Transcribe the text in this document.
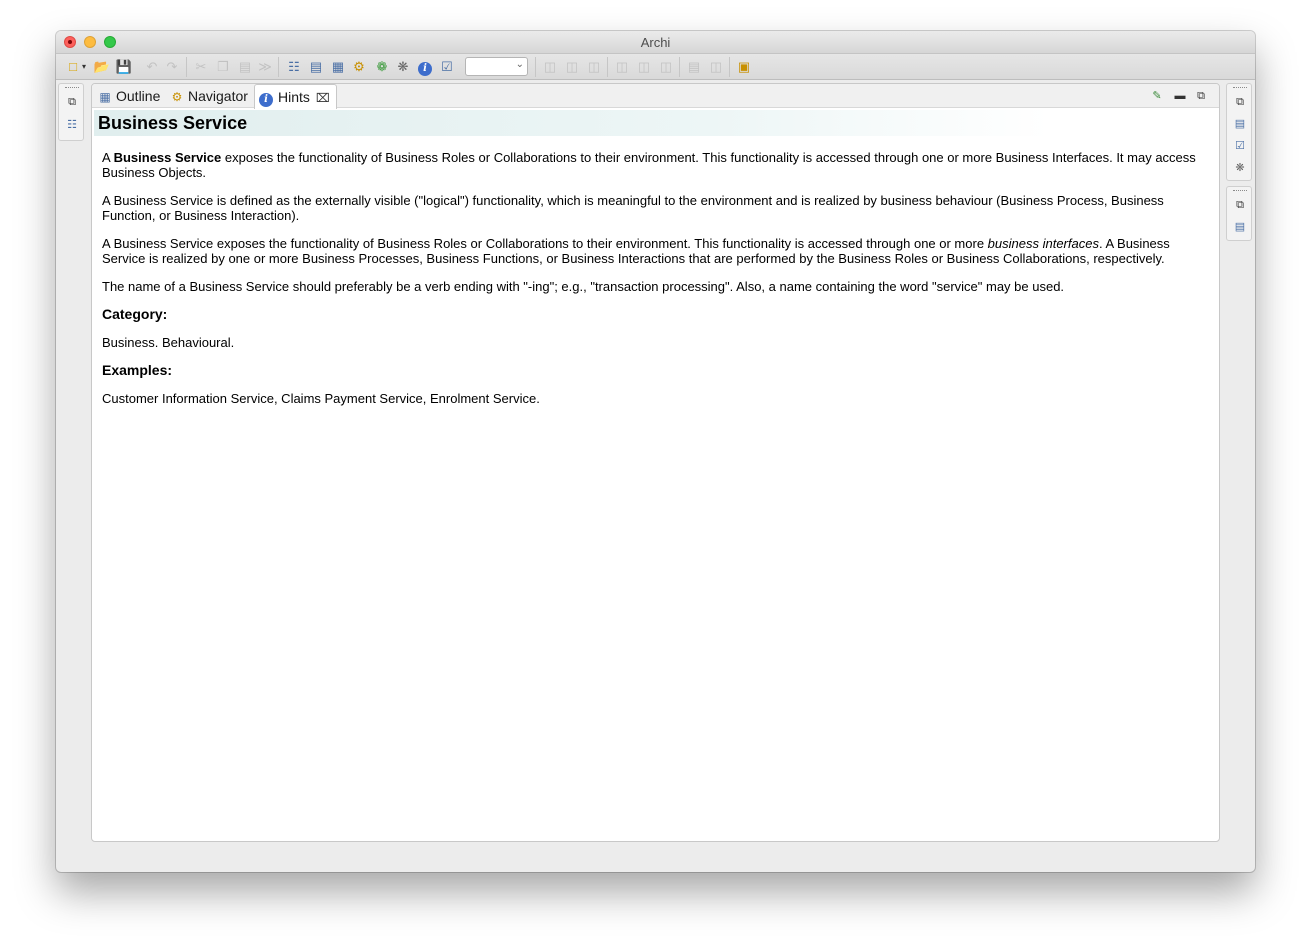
Archi
□ ▾ 📂 💾 ↶ ↷ ✂ ❐ ▤ ≫ ☷ ▤ ▦ ⚙ ❁ ❋	i	☑	⌄ ◫ ◫ ◫ ◫ ◫ ◫ ▤ ◫ ▣
⧉
☷
⧉
▤
☑
❋
⧉
▤
▦ Outline ⚙ Navigator	i Hints ⌧	✎	▬	⧉
Business Service

A Business Service exposes the functionality of Business Roles or Collaborations to their environment. This functionality is accessed through one or more Business Interfaces. It may access Business Objects.

A Business Service is defined as the externally visible ("logical") functionality, which is meaningful to the environment and is realized by business behaviour (Business Process, Business Function, or Business Interaction).

A Business Service exposes the functionality of Business Roles or Collaborations to their environment. This functionality is accessed through one or more business interfaces. A Business Service is realized by one or more Business Processes, Business Functions, or Business Interactions that are performed by the Business Roles or Business Collaborations, respectively.

The name of a Business Service should preferably be a verb ending with "-ing"; e.g., "transaction processing". Also, a name containing the word "service" may be used.

Category:

Business. Behavioural.

Examples:

Customer Information Service, Claims Payment Service, Enrolment Service.
